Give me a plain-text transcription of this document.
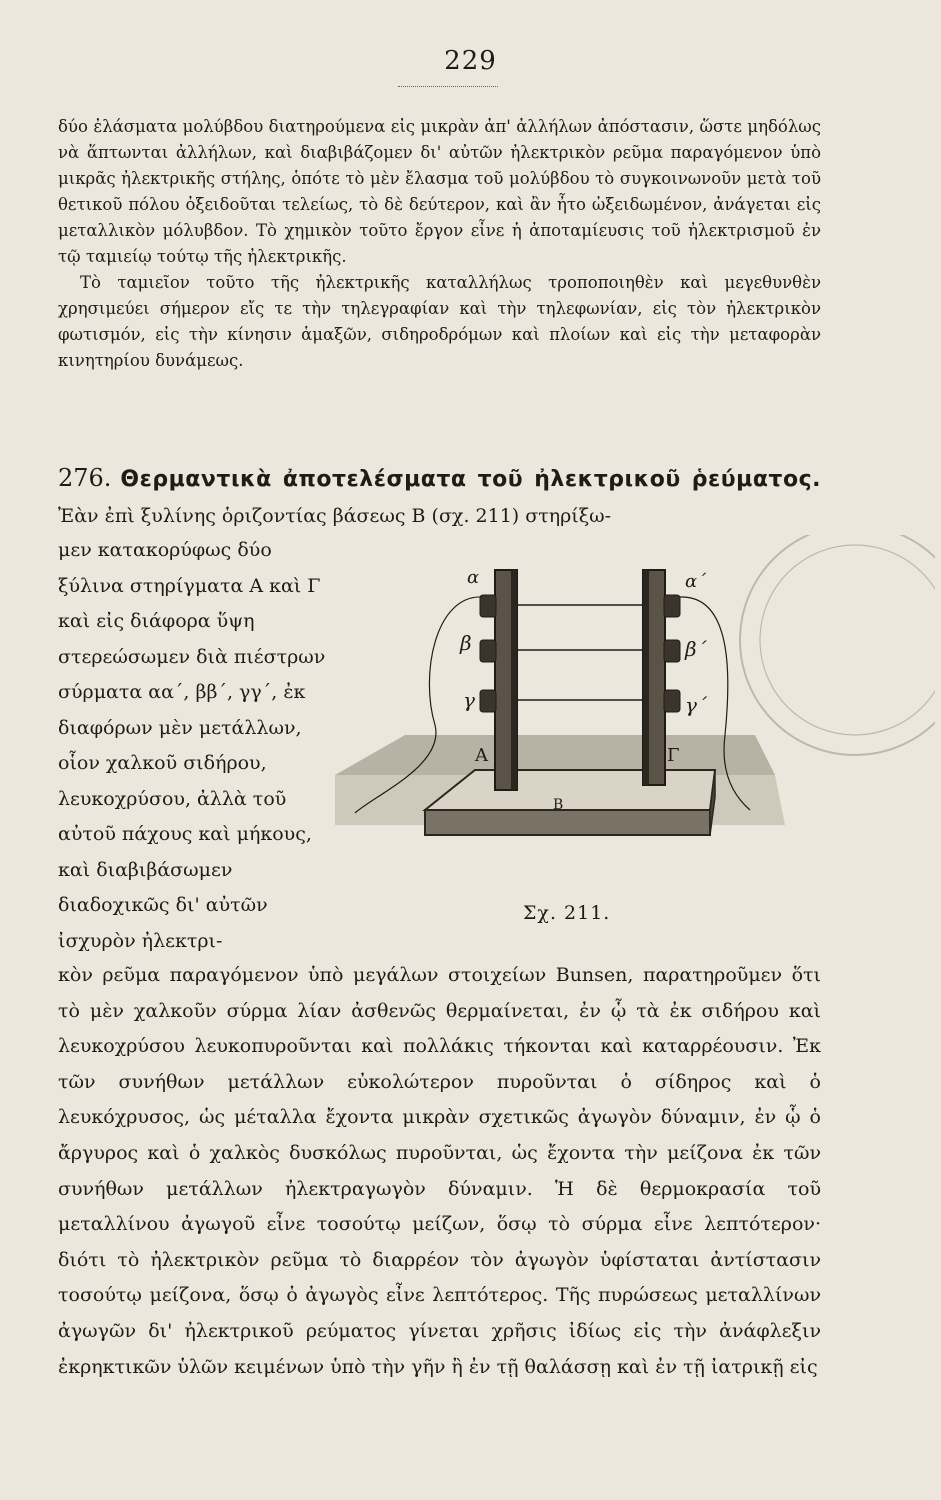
229

δύο ἐλάσματα μολύβδου διατηρούμενα εἰς μικρὰν ἀπ' ἀλλήλων ἀπόστασιν, ὥστε μηδόλως νὰ ἅπτωνται ἀλλήλων, καὶ διαβιβάζομεν δι' αὐτῶν ἠλεκτρικὸν ρεῦμα παραγόμενον ὑπὸ μικρᾶς ἠλεκτρικῆς στήλης, ὁπότε τὸ μὲν ἔλασμα τοῦ μολύβδου τὸ συγκοινωνοῦν μετὰ τοῦ θετικοῦ πόλου ὀξειδοῦται τελείως, τὸ δὲ δεύτερον, καὶ ἂν ἦτο ὠξειδωμένον, ἀνάγεται εἰς μεταλλικὸν μόλυβδον. Τὸ χημικὸν τοῦτο ἔργον εἶνε ἡ ἀποταμίευσις τοῦ ἠλεκτρισμοῦ ἐν τῷ ταμιείῳ τούτῳ τῆς ἠλεκτρικῆς.

Τὸ ταμιεῖον τοῦτο τῆς ἠλεκτρικῆς καταλλήλως τροποποιηθὲν καὶ μεγεθυνθὲν χρησιμεύει σήμερον εἴς τε τὴν τηλεγραφίαν καὶ τὴν τηλεφωνίαν, εἰς τὸν ἠλεκτρικὸν φωτισμόν, εἰς τὴν κίνησιν ἁμαξῶν, σιδηροδρόμων καὶ πλοίων καὶ εἰς τὴν μεταφορὰν κινητηρίου δυνάμεως.

276. Θερμαντικὰ ἀποτελέσματα τοῦ ἠλεκτρικοῦ ῥεύματος. Ἐὰν ἐπὶ ξυλίνης ὁριζοντίας βάσεως Β (σχ. 211) στηρίξω-
μεν κατακορύφως δύο ξύλινα στηρίγματα Α καὶ Γ καὶ εἰς διάφορα ὕψη στερεώσωμεν διὰ πιέστρων σύρματα αα΄, ββ΄, γγ΄, ἐκ διαφόρων μὲν μετάλλων, οἷον χαλκοῦ σιδήρου, λευκοχρύσου, ἀλλὰ τοῦ αὐτοῦ πάχους καὶ μήκους, καὶ διαβιβάσωμεν διαδοχικῶς δι' αὐτῶν ἰσχυρὸν ἠλεκτρι-
α	α΄
β	β΄
γ	γ΄
Α	Γ
Β
Σχ. 211.
κὸν ρεῦμα παραγόμενον ὑπὸ μεγάλων στοιχείων Bunsen, παρατηροῦμεν ὅτι τὸ μὲν χαλκοῦν σύρμα λίαν ἀσθενῶς θερμαίνεται, ἐν ᾧ τὰ ἐκ σιδήρου καὶ λευκοχρύσου λευκοπυροῦνται καὶ πολλάκις τήκονται καὶ καταρρέουσιν. Ἐκ τῶν συνήθων μετάλλων εὐκολώτερον πυροῦνται ὁ σίδηρος καὶ ὁ λευκόχρυσος, ὡς μέταλλα ἔχοντα μικρὰν σχετικῶς ἀγωγὸν δύναμιν, ἐν ᾧ ὁ ἄργυρος καὶ ὁ χαλκὸς δυσκόλως πυροῦνται, ὡς ἔχοντα τὴν μείζονα ἐκ τῶν συνήθων μετάλλων ἠλεκτραγωγὸν δύναμιν. Ἡ δὲ θερμοκρασία τοῦ μεταλλίνου ἀγωγοῦ εἶνε τοσούτῳ μείζων, ὅσῳ τὸ σύρμα εἶνε λεπτότερον· διότι τὸ ἠλεκτρικὸν ρεῦμα τὸ διαρρέον τὸν ἀγωγὸν ὑφίσταται ἀντίστασιν τοσούτῳ μείζονα, ὅσῳ ὁ ἀγωγὸς εἶνε λεπτότερος. Τῆς πυρώσεως μεταλλίνων ἀγωγῶν δι' ἠλεκτρικοῦ ρεύματος γίνεται χρῆσις ἰδίως εἰς τὴν ἀνάφλεξιν ἐκρηκτικῶν ὑλῶν κειμένων ὑπὸ τὴν γῆν ἢ ἐν τῇ θαλάσσῃ καὶ ἐν τῇ ἰατρικῇ εἰς
